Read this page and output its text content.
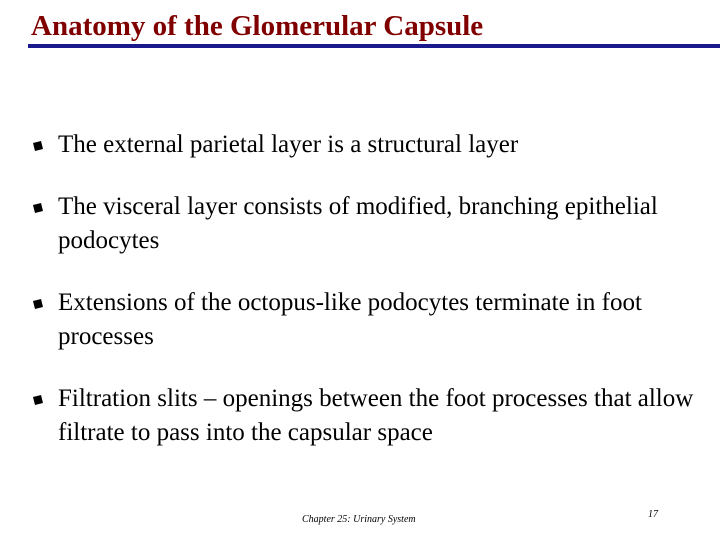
Anatomy of the Glomerular Capsule
The external parietal layer is a structural layer
The visceral layer consists of modified, branching epithelial podocytes
Extensions of the octopus-like podocytes terminate in foot processes
Filtration slits – openings between the foot processes that allow filtrate to pass into the capsular space
Chapter 25: Urinary System	17
